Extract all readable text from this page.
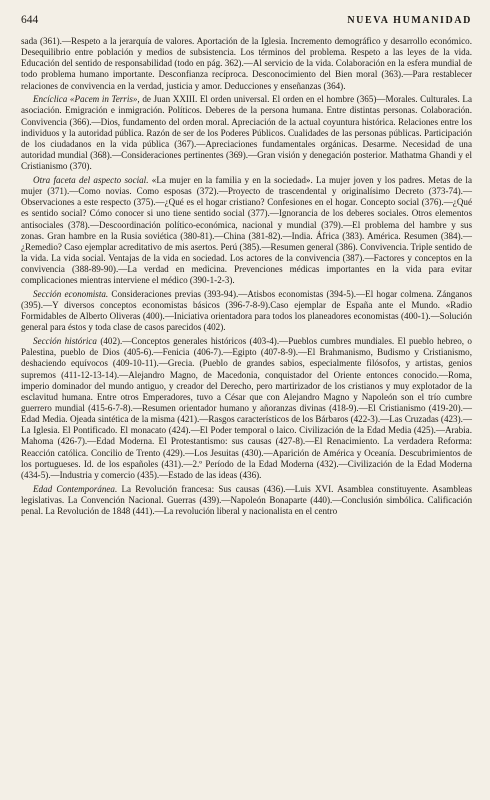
644	NUEVA HUMANIDAD

sada (361).—Respeto a la jerarquía de valores. Aportación de la Iglesia. Incremento demográfico y desarrollo económico. Desequilibrio entre población y medios de subsistencia. Los términos del problema. Respeto a las leyes de la vida. Educación del sentido de responsabilidad (todo en pág. 362).—Al servicio de la vida. Colaboración en la esfera mundial de todo problema humano importante. Desconfianza recíproca. Desconocimiento del Bien moral (363).—Para restablecer relaciones de convivencia en la verdad, justicia y amor. Deducciones y enseñanzas (364).

Encíclica «Pacem in Terris», de Juan XXIII. El orden universal. El orden en el hombre (365)—Morales. Culturales. La asociación. Emigración e inmigración. Políticos. Deberes de la persona humana. Entre distintas personas. Colaboración. Convivencia (366).—Dios, fundamento del orden moral. Apreciación de la actual coyuntura histórica. Relaciones entre los individuos y la autoridad pública. Razón de ser de los Poderes Públicos. Cualidades de las personas públicas. Participación de los ciudadanos en la vida pública (367).—Apreciaciones fundamentales orgánicas. Desarme. Necesidad de una autoridad mundial (368).—Consideraciones pertinentes (369).—Gran visión y denegación posterior. Mathatma Ghandi y el Cristianismo (370).

Otra faceta del aspecto social. «La mujer en la familia y en la sociedad». La mujer joven y los padres. Metas de la mujer (371).—Como novias. Como esposas (372).—Proyecto de trascendental y originalísimo Decreto (373-74).—Observaciones a este respecto (375).—¿Qué es el hogar cristiano? Confesiones en el hogar. Concepto social (376).—¿Qué es sentido social? Cómo conocer si uno tiene sentido social (377).—Ignorancia de los deberes sociales. Otros elementos antisociales (378).—Descoordinación político-económica, nacional y mundial (379).—El problema del hambre y sus zonas. Gran hambre en la Rusia soviética (380-81).—China (381-82).—India. África (383). América. Resumen (384).—¿Remedio? Caso ejemplar acreditativo de mis asertos. Perú (385).—Resumen general (386). Convivencia. Triple sentido de la vida. La vida social. Ventajas de la vida en sociedad. Los actores de la convivencia (387).—Factores y conceptos en la convivencia (388-89-90).—La verdad en medicina. Prevenciones médicas importantes en la vida para evitar complicaciones mientras interviene el médico (390-1-2-3).

Sección economista. Consideraciones previas (393-94).—Atisbos economistas (394-5).—El hogar colmena. Zánganos (395).—Y diversos conceptos economistas básicos (396-7-8-9).Caso ejemplar de España ante el Mundo. «Radio Formidables de Alberto Oliveras (400).—Iniciativa orientadora para todos los planeadores economistas (400-1).—Solución general para éstos y toda clase de casos parecidos (402).

Sección histórica (402).—Conceptos generales históricos (403-4).—Pueblos cumbres mundiales. El pueblo hebreo, o Palestina, pueblo de Dios (405-6).—Fenicia (406-7).—Egipto (407-8-9).—El Brahmanismo, Budismo y Cristianismo, deshaciendo equívocos (409-10-11).—Grecia. (Pueblo de grandes sabios, especialmente filósofos, y artistas, genios supremos (411-12-13-14).—Alejandro Magno, de Macedonia, conquistador del Oriente entonces conocido.—Roma, imperio dominador del mundo antiguo, y creador del Derecho, pero martirizador de los cristianos y muy explotador de la esclavitud humana. Entre otros Emperadores, tuvo a César que con Alejandro Magno y Napoleón son el trío cumbre guerrero mundial (415-6-7-8).—Resumen orientador humano y añoranzas divinas (418-9).—El Cristianismo (419-20).—Edad Media. Ojeada sintética de la misma (421).—Rasgos característicos de los Bárbaros (422-3).—Las Cruzadas (423).—La Iglesia. El Pontificado. El monacato (424).—El Poder temporal o laico. Civilización de la Edad Media (425).—Arabia. Mahoma (426-7).—Edad Moderna. El Protestantismo: sus causas (427-8).—El Renacimiento. La verdadera Reforma: Reacción católica. Concilio de Trento (429).—Los Jesuitas (430).—Aparición de América y Oceanía. Descubrimientos de los portugueses. Id. de los españoles (431).—2.º Período de la Edad Moderna (432).—Civilización de la Edad Moderna (434-5).—Industria y comercio (435).—Estado de las ideas (436).

Edad Contemporánea. La Revolución francesa: Sus causas (436).—Luis XVI. Asamblea constituyente. Asambleas legislativas. La Convención Nacional. Guerras (439).—Napoleón Bonaparte (440).—Conclusión simbólica. Calificación penal. La Revolución de 1848 (441).—La revolución liberal y nacionalista en el centro
